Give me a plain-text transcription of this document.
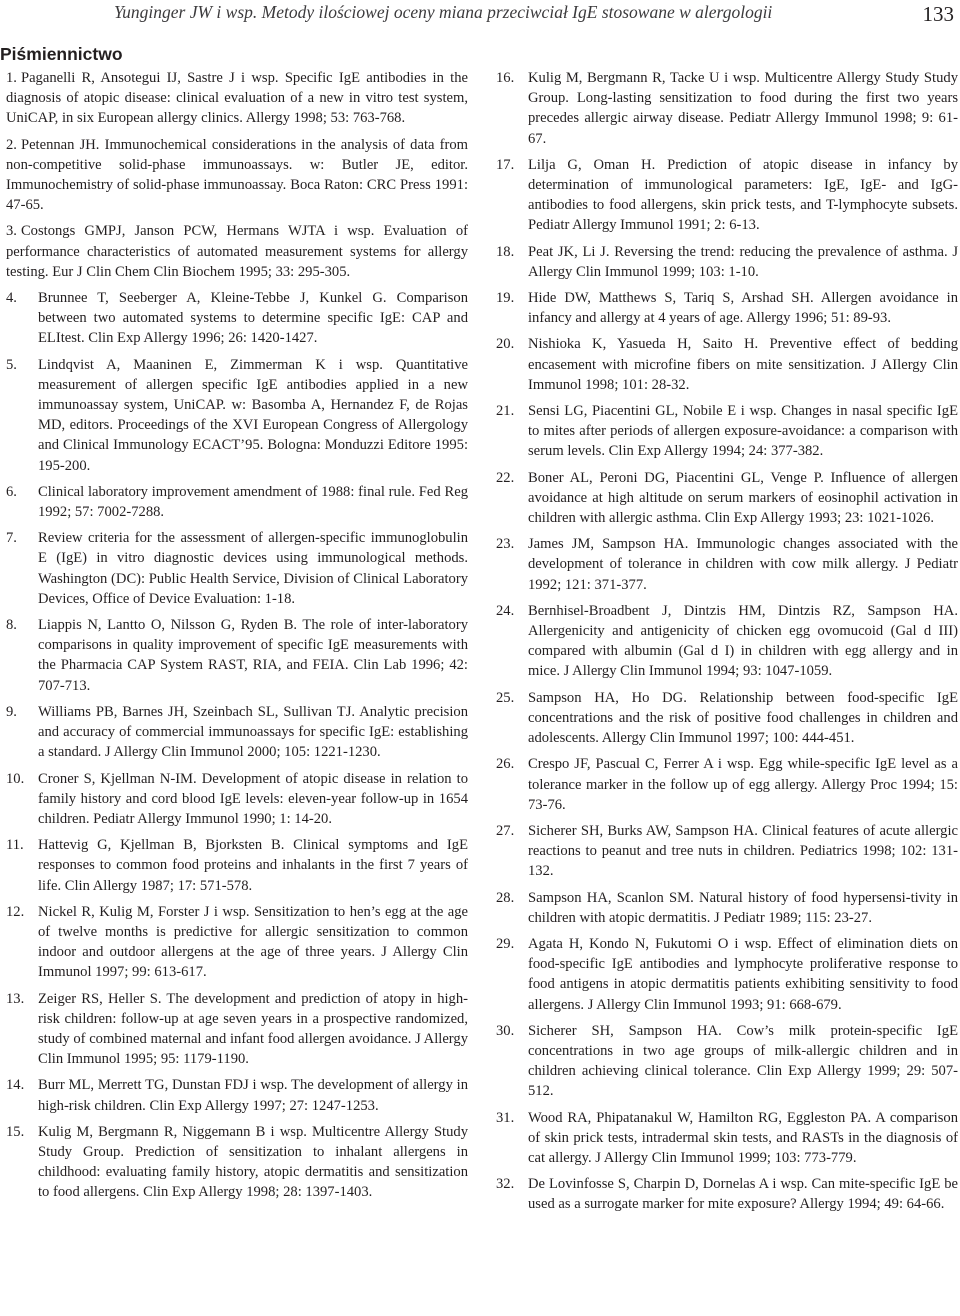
Yunginger JW i wsp. Metody ilościowej oceny miana przeciwciał IgE stosowane w alergologii	133
Piśmiennictwo
1. Paganelli R, Ansotegui IJ, Sastre J i wsp. Specific IgE antibodies in the diagnosis of atopic disease: clinical evaluation of a new in vitro test system, UniCAP, in six European allergy clinics. Allergy 1998; 53: 763-768.
2. Petennan JH. Immunochemical considerations in the analysis of data from non-competitive solid-phase immunoassays. w: Butler JE, editor. Immunochemistry of solid-phase immunoassay. Boca Raton: CRC Press 1991: 47-65.
3. Costongs GMPJ, Janson PCW, Hermans WJTA i wsp. Evaluation of performance characteristics of automated measurement systems for allergy testing. Eur J Clin Chem Clin Biochem 1995; 33: 295-305.
4.	Brunnee T, Seeberger A, Kleine-Tebbe J, Kunkel G. Comparison between two automated systems to determine specific IgE: CAP and ELItest. Clin Exp Allergy 1996; 26: 1420-1427.
5.	Lindqvist A, Maaninen E, Zimmerman K i wsp. Quantitative measurement of allergen specific IgE antibodies applied in a new immunoassay system, UniCAP. w: Basomba A, Hernandez F, de Rojas MD, editors. Proceedings of the XVI European Congress of Allergology and Clinical Immunology ECACT’95. Bologna: Monduzzi Editore 1995: 195-200.
6.	Clinical laboratory improvement amendment of 1988: final rule. Fed Reg 1992; 57: 7002-7288.
7.	Review criteria for the assessment of allergen-specific immunoglobulin E (IgE) in vitro diagnostic devices using immunological methods. Washington (DC): Public Health Service, Division of Clinical Laboratory Devices, Office of Device Evaluation: 1-18.
8.	Liappis N, Lantto O, Nilsson G, Ryden B. The role of inter-laboratory comparisons in quality improvement of specific IgE measurements with the Pharmacia CAP System RAST, RIA, and FEIA. Clin Lab 1996; 42: 707-713.
9.	Williams PB, Barnes JH, Szeinbach SL, Sullivan TJ. Analytic precision and accuracy of commercial immunoassays for specific IgE: establishing a standard. J Allergy Clin Immunol 2000; 105: 1221-1230.
10. Croner S, Kjellman N-IM. Development of atopic disease in relation to family history and cord blood IgE levels: eleven-year follow-up in 1654 children. Pediatr Allergy Immunol 1990; 1: 14-20.
11. Hattevig G, Kjellman B, Bjorksten B. Clinical symptoms and IgE responses to common food proteins and inhalants in the first 7 years of life. Clin Allergy 1987; 17: 571-578.
12. Nickel R, Kulig M, Forster J i wsp. Sensitization to hen’s egg at the age of twelve months is predictive for allergic sensitization to common indoor and outdoor allergens at the age of three years. J Allergy Clin Immunol 1997; 99: 613-617.
13. Zeiger RS, Heller S. The development and prediction of atopy in high-risk children: follow-up at age seven years in a prospective randomized, study of combined maternal and infant food allergen avoidance. J Allergy Clin Immunol 1995; 95: 1179-1190.
14. Burr ML, Merrett TG, Dunstan FDJ i wsp. The development of allergy in high-risk children. Clin Exp Allergy 1997; 27: 1247-1253.
15. Kulig M, Bergmann R, Niggemann B i wsp. Multicentre Allergy Study Study Group. Prediction of sensitization to inhalant allergens in childhood: evaluating family history, atopic dermatitis and sensitization to food allergens. Clin Exp Allergy 1998; 28: 1397-1403.
16. Kulig M, Bergmann R, Tacke U i wsp. Multicentre Allergy Study Study Group. Long-lasting sensitization to food during the first two years precedes allergic airway disease. Pediatr Allergy Immunol 1998; 9: 61-67.
17. Lilja G, Oman H. Prediction of atopic disease in infancy by determination of immunological parameters: IgE, IgE- and IgG-antibodies to food allergens, skin prick tests, and T-lymphocyte subsets. Pediatr Allergy Immunol 1991; 2: 6-13.
18. Peat JK, Li J. Reversing the trend: reducing the prevalence of asthma. J Allergy Clin Immunol 1999; 103: 1-10.
19. Hide DW, Matthews S, Tariq S, Arshad SH. Allergen avoidance in infancy and allergy at 4 years of age. Allergy 1996; 51: 89-93.
20. Nishioka K, Yasueda H, Saito H. Preventive effect of bedding encasement with microfine fibers on mite sensitization. J AIlergy Clin Immunol 1998; 101: 28-32.
21. Sensi LG, Piacentini GL, Nobile E i wsp. Changes in nasal specific IgE to mites after periods of allergen exposure-avoidance: a comparison with serum levels. Clin Exp Allergy 1994; 24: 377-382.
22. Boner AL, Peroni DG, Piacentini GL, Venge P. Influence of allergen avoidance at high altitude on serum markers of eosinophil activation in children with allergic asthma. Clin Exp Allergy 1993; 23: 1021-1026.
23. James JM, Sampson HA. Immunologic changes associated with the development of tolerance in children with cow milk allergy. J Pediatr 1992; 121: 371-377.
24. Bernhisel-Broadbent J, Dintzis HM, Dintzis RZ, Sampson HA. Allergenicity and antigenicity of chicken egg ovomucoid (Gal d III) compared with albumin (Gal d I) in children with egg allergy and in mice. J Allergy Clin Immunol 1994; 93: 1047-1059.
25. Sampson HA, Ho DG. Relationship between food-specific IgE concentrations and the risk of positive food challenges in children and adolescents. Allergy Clin Immunol 1997; 100: 444-451.
26. Crespo JF, Pascual C, Ferrer A i wsp. Egg while-specific IgE level as a tolerance marker in the follow up of egg allergy. Allergy Proc 1994; 15: 73-76.
27. Sicherer SH, Burks AW, Sampson HA. Clinical features of acute allergic reactions to peanut and tree nuts in children. Pediatrics 1998; 102: 131-132.
28. Sampson HA, Scanlon SM. Natural history of food hypersensi-tivity in children with atopic dermatitis. J Pediatr 1989; 115: 23-27.
29. Agata H, Kondo N, Fukutomi O i wsp. Effect of elimination diets on food-specific IgE antibodies and lymphocyte proliferative response to food antigens in atopic dermatitis patients exhibiting sensitivity to food allergens. J Allergy Clin Immunol 1993; 91: 668-679.
30. Sicherer SH, Sampson HA. Cow’s milk protein-specific IgE concentrations in two age groups of milk-allergic children and in children achieving clinical tolerance. Clin Exp Allergy 1999; 29: 507-512.
31. Wood RA, Phipatanakul W, Hamilton RG, Eggleston PA. A comparison of skin prick tests, intradermal skin tests, and RASTs in the diagnosis of cat allergy. J Allergy Clin Immunol 1999; 103: 773-779.
32. De Lovinfosse S, Charpin D, Dornelas A i wsp. Can mite-specific IgE be used as a surrogate marker for mite exposure? Allergy 1994; 49: 64-66.
